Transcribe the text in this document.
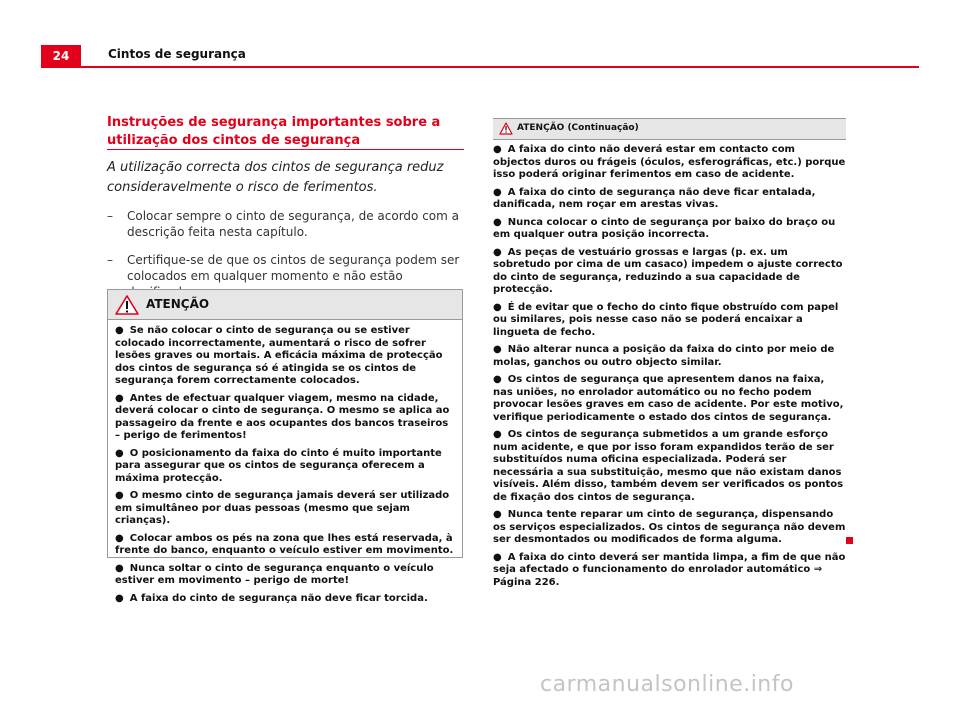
24	Cintos de segurança
Instruções de segurança importantes sobre a utilização dos cintos de segurança
A utilização correcta dos cintos de segurança reduz consideravelmente o risco de ferimentos.
– Colocar sempre o cinto de segurança, de acordo com a descrição feita nesta capítulo.
– Certifique-se de que os cintos de segurança podem ser colocados em qualquer momento e não estão
ATENÇÃO

● Se não colocar o cinto de segurança ou se estiver colocado incorrectamente, aumentará o risco de sofrer lesões graves ou mortais. A eficácia máxima de protecção dos cintos de segurança só é atingida se os cintos de segurança forem correctamente colocados.

● Antes de efectuar qualquer viagem, mesmo na cidade, deverá colocar o cinto de segurança. O mesmo se aplica ao passageiro da frente e aos ocupantes dos bancos traseiros – perigo de ferimentos!

● O posicionamento da faixa do cinto é muito importante para assegurar que os cintos de segurança oferecem a máxima protecção.

● O mesmo cinto de segurança jamais deverá ser utilizado em simultâneo por duas pessoas (mesmo que sejam crianças).

● Colocar ambos os pés na zona que lhes está reservada, à frente do banco, enquanto o veículo estiver em movimento.

● Nunca soltar o cinto de segurança enquanto o veículo estiver em movimento – perigo de morte!

● A faixa do cinto de segurança não deve ficar torcida.

ATENÇÃO (Continuação)

● A faixa do cinto não deverá estar em contacto com objectos duros ou frágeis (óculos, esferográficas, etc.) porque isso poderá originar ferimentos em caso de acidente.

● A faixa do cinto de segurança não deve ficar entalada, danificada, nem roçar em arestas vivas.

● Nunca colocar o cinto de segurança por baixo do braço ou em qualquer outra posição incorrecta.

● As peças de vestuário grossas e largas (p. ex. um sobretudo por cima de um casaco) impedem o ajuste correcto do cinto de segurança, reduzindo a sua capacidade de protecção.

● É de evitar que o fecho do cinto fique obstruído com papel ou similares, pois nesse caso não se poderá encaixar a lingueta de fecho.

● Não alterar nunca a posição da faixa do cinto por meio de molas, ganchos ou outro objecto similar.

● Os cintos de segurança que apresentem danos na faixa, nas uniões, no enrolador automático ou no fecho podem provocar lesões graves em caso de acidente. Por este motivo, verifique periodicamente o estado dos cintos de segurança.

● Os cintos de segurança submetidos a um grande esforço num acidente, e que por isso foram expandidos terão de ser substituídos numa oficina especializada. Poderá ser necessária a sua substituição, mesmo que não existam danos visíveis. Além disso, também devem ser verificados os pontos de fixação dos cintos de segurança.

● Nunca tente reparar um cinto de segurança, dispensando os serviços especializados. Os cintos de segurança não devem ser desmontados ou modificados de forma alguma.

● A faixa do cinto deverá ser mantida limpa, a fim de que não seja afectado o funcionamento do enrolador automático ⇒ Página 226.

carmanualsonline.info
